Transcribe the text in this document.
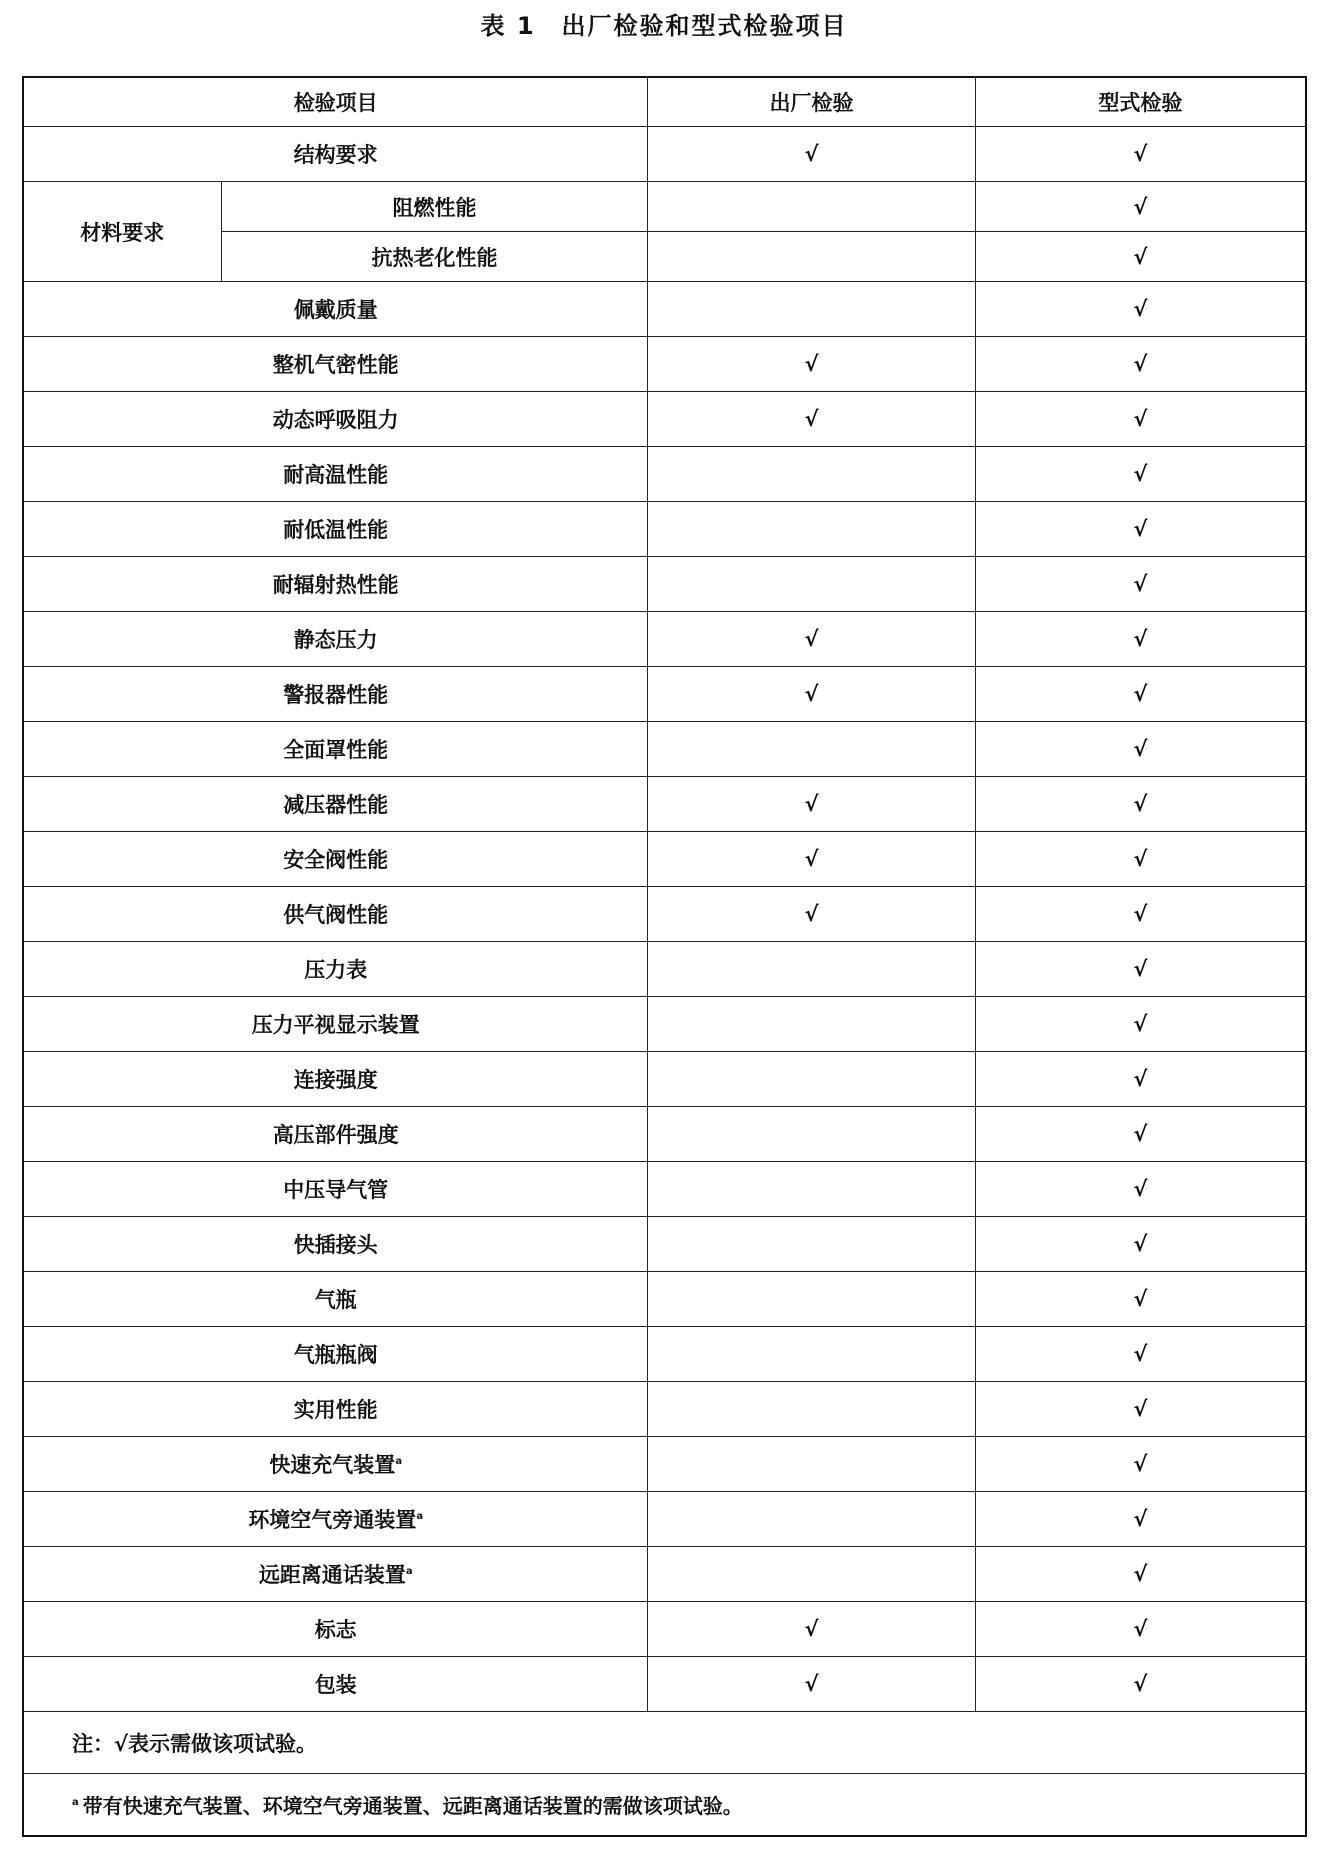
表 1 出厂检验和型式检验项目
检验项目		出厂检验	型式检验
结构要求		√	√
材料要求	阻燃性能		√
	抗热老化性能		√
佩戴质量			√
整机气密性能		√	√
动态呼吸阻力		√	√
耐高温性能			√
耐低温性能			√
耐辐射热性能			√
静态压力		√	√
警报器性能		√	√
全面罩性能			√
减压器性能		√	√
安全阀性能		√	√
供气阀性能		√	√
压力表			√
压力平视显示装置			√
连接强度			√
高压部件强度			√
中压导气管			√
快插接头			√
气瓶			√
气瓶瓶阀			√
实用性能			√
快速充气装置$^a$			√
环境空气旁通装置$^a$			√
远距离通话装置$^a$			√
标志		√	√
包装		√	√
注：√表示需做该项试验。			
$^a$ 带有快速充气装置、环境空气旁通装置、远距离通话装置的需做该项试验。			
